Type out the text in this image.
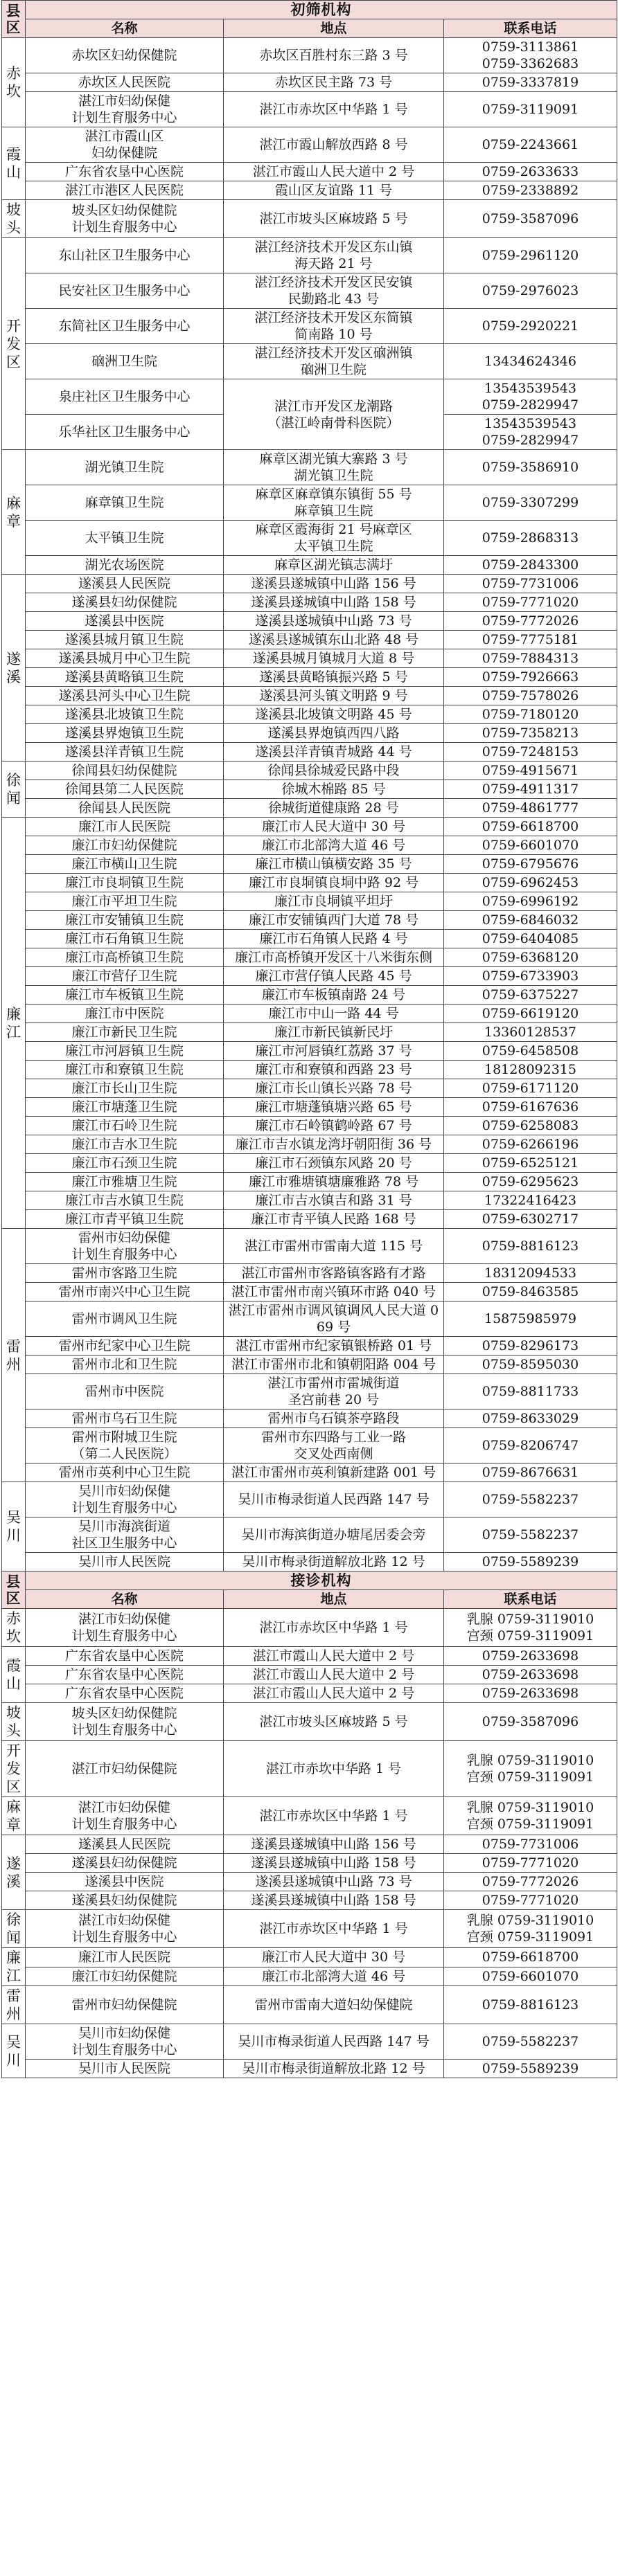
县区	初筛机构		
	名称	地点	联系电话
赤坎	赤坎区妇幼保健院	赤坎区百胜村东三路 3 号	0759-3113861
0759-3362683
	赤坎区人民医院	赤坎区民主路 73 号	0759-3337819
	湛江市妇幼保健
计划生育服务中心	湛江市赤坎区中华路 1 号	0759-3119091
霞山	湛江市霞山区
妇幼保健院	湛江市霞山解放西路 8 号	0759-2243661
	广东省农垦中心医院	湛江市霞山人民大道中 2 号	0759-2633633
	湛江市港区人民医院	霞山区友谊路 11 号	0759-2338892
坡头	坡头区妇幼保健院
计划生育服务中心	湛江市坡头区麻坡路 5 号	0759-3587096
开发区	东山社区卫生服务中心	湛江经济技术开发区东山镇
海天路 21 号	0759-2961120
	民安社区卫生服务中心	湛江经济技术开发区民安镇
民勤路北 43 号	0759-2976023
	东简社区卫生服务中心	湛江经济技术开发区东简镇
简南路 10 号	0759-2920221
	硇洲卫生院	湛江经济技术开发区硇洲镇
硇洲卫生院	13434624346
	泉庄社区卫生服务中心	湛江市开发区龙潮路
（湛江岭南骨科医院）	13543539543
0759-2829947
	乐华社区卫生服务中心		13543539543
0759-2829947
麻章	湖光镇卫生院	麻章区湖光镇大寨路 3 号
湖光镇卫生院	0759-3586910
	麻章镇卫生院	麻章区麻章镇东镇街 55 号
麻章镇卫生院	0759-3307299
	太平镇卫生院	麻章区霞海街 21 号麻章区
太平镇卫生院	0759-2868313
	湖光农场医院	麻章区湖光镇志满圩	0759-2843300
遂溪	遂溪县人民医院	遂溪县遂城镇中山路 156 号	0759-7731006
	遂溪县妇幼保健院	遂溪县遂城镇中山路 158 号	0759-7771020
	遂溪县中医院	遂溪县遂城镇中山路 73 号	0759-7772026
	遂溪县城月镇卫生院	遂溪县遂城镇东山北路 48 号	0759-7775181
	遂溪县城月中心卫生院	遂溪县城月镇城月大道 8 号	0759-7884313
	遂溪县黄略镇卫生院	遂溪县黄略镇振兴路 5 号	0759-7926663
	遂溪县河头中心卫生院	遂溪县河头镇文明路 9 号	0759-7578026
	遂溪县北坡镇卫生院	遂溪县北坡镇文明路 45 号	0759-7180120
	遂溪县界炮镇卫生院	遂溪县界炮镇西四八路	0759-7358213
	遂溪县洋青镇卫生院	遂溪县洋青镇青城路 44 号	0759-7248153
徐闻	徐闻县妇幼保健院	徐闻县徐城爱民路中段	0759-4915671
	徐闻县第二人民医院	徐城木棉路 85 号	0759-4911317
	徐闻县人民医院	徐城街道健康路 28 号	0759-4861777
廉江	廉江市人民医院	廉江市人民大道中 30 号	0759-6618700
	廉江市妇幼保健院	廉江市北部湾大道 46 号	0759-6601070
	廉江市横山卫生院	廉江市横山镇横安路 35 号	0759-6795676
	廉江市良垌镇卫生院	廉江市良垌镇良垌中路 92 号	0759-6962453
	廉江市平坦卫生院	廉江市良垌镇平坦圩	0759-6996192
	廉江市安铺镇卫生院	廉江市安铺镇西门大道 78 号	0759-6846032
	廉江市石角镇卫生院	廉江市石角镇人民路 4 号	0759-6404085
	廉江市高桥镇卫生院	廉江市高桥镇开发区十八米街东侧	0759-6368120
	廉江市营仔卫生院	廉江市营仔镇人民路 45 号	0759-6733903
	廉江市车板镇卫生院	廉江市车板镇南路 24 号	0759-6375227
	廉江市中医院	廉江市中山一路 44 号	0759-6619120
	廉江市新民卫生院	廉江市新民镇新民圩	13360128537
	廉江市河唇镇卫生院	廉江市河唇镇红荔路 37 号	0759-6458508
	廉江市和寮镇卫生院	廉江市和寮镇和西路 23 号	18128092315
	廉江市长山卫生院	廉江市长山镇长兴路 78 号	0759-6171120
	廉江市塘蓬卫生院	廉江市塘蓬镇塘兴路 65 号	0759-6167636
	廉江市石岭卫生院	廉江市石岭镇鹤岭路 67 号	0759-6258083
	廉江市吉水卫生院	廉江市吉水镇龙湾圩朝阳街 36 号	0759-6266196
	廉江市石颈卫生院	廉江市石颈镇东风路 20 号	0759-6525121
	廉江市雅塘卫生院	廉江市雅塘镇塘廉雅路 78 号	0759-6295623
	廉江市吉水镇卫生院	廉江市吉水镇吉和路 31 号	17322416423
	廉江市青平镇卫生院	廉江市青平镇人民路 168 号	0759-6302717
雷州	雷州市妇幼保健
计划生育服务中心	湛江市雷州市雷南大道 115 号	0759-8816123
	雷州市客路卫生院	湛江市雷州市客路镇客路有才路	18312094533
	雷州市南兴中心卫生院	湛江市雷州市南兴镇环市路 040 号	0759-8463585
	雷州市调风卫生院	湛江市雷州市调风镇调风人民大道 069 号	15875985979
	雷州市纪家中心卫生院	湛江市雷州市纪家镇银桥路 01 号	0759-8296173
	雷州市北和卫生院	湛江市雷州市北和镇朝阳路 004 号	0759-8595030
	雷州市中医院	湛江市雷州市雷城街道
圣宫前巷 20 号	0759-8811733
	雷州市乌石卫生院	雷州市乌石镇茶亭路段	0759-8633029
	雷州市附城卫生院
（第二人民医院）	雷州市东四路与工业一路
交叉处西南侧	0759-8206747
	雷州市英利中心卫生院	湛江市雷州市英利镇新建路 001 号	0759-8676631
吴川	吴川市妇幼保健
计划生育服务中心	吴川市梅录街道人民西路 147 号	0759-5582237
	吴川市海滨街道
社区卫生服务中心	吴川市海滨街道办塘尾居委会旁	0759-5582237
	吴川市人民医院	吴川市梅录街道解放北路 12 号	0759-5589239
县区	接诊机构		
	名称	地点	联系电话
赤坎	湛江市妇幼保健
计划生育服务中心	湛江市赤坎区中华路 1 号	乳腺 0759-3119010
宫颈 0759-3119091
霞山	广东省农垦中心医院	湛江市霞山人民大道中 2 号	0759-2633698
	广东省农垦中心医院	湛江市霞山人民大道中 2 号	0759-2633698
	广东省农垦中心医院	湛江市霞山人民大道中 2 号	0759-2633698
坡头	坡头区妇幼保健院
计划生育服务中心	湛江市坡头区麻坡路 5 号	0759-3587096
开发区	湛江市妇幼保健院	湛江市赤坎中华路 1 号	乳腺 0759-3119010
宫颈 0759-3119091
麻章	湛江市妇幼保健
计划生育服务中心	湛江市赤坎区中华路 1 号	乳腺 0759-3119010
宫颈 0759-3119091
遂溪	遂溪县人民医院	遂溪县遂城镇中山路 156 号	0759-7731006
	遂溪县妇幼保健院	遂溪县遂城镇中山路 158 号	0759-7771020
	遂溪县中医院	遂溪县遂城镇中山路 73 号	0759-7772026
	遂溪县妇幼保健院	遂溪县遂城镇中山路 158 号	0759-7771020
徐闻	湛江市妇幼保健
计划生育服务中心	湛江市赤坎区中华路 1 号	乳腺 0759-3119010
宫颈 0759-3119091
廉江	廉江市人民医院	廉江市人民大道中 30 号	0759-6618700
	廉江市妇幼保健院	廉江市北部湾大道 46 号	0759-6601070
雷州	雷州市妇幼保健院	雷州市雷南大道妇幼保健院	0759-8816123
吴川	吴川市妇幼保健
计划生育服务中心	吴川市梅录街道人民西路 147 号	0759-5582237
	吴川市人民医院	吴川市梅录街道解放北路 12 号	0759-5589239
